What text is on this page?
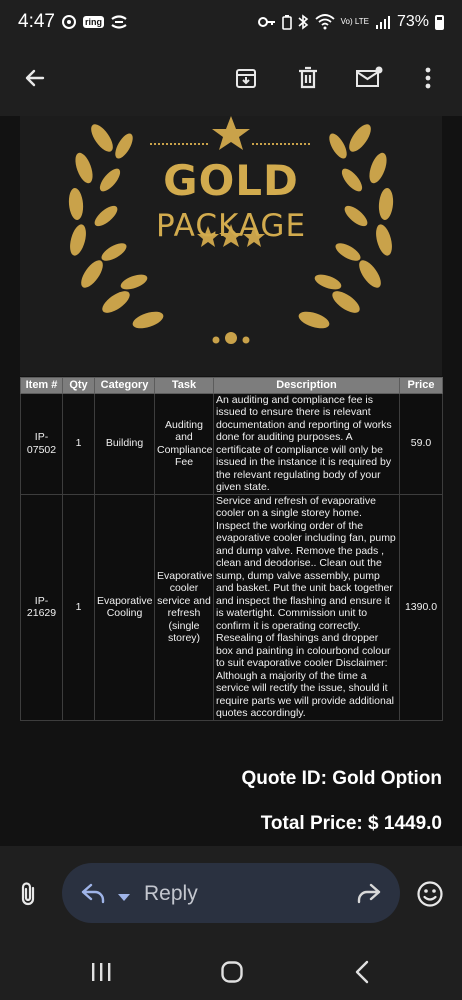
4:47	ring	Vo) LTE 73%
GOLD
PACKAGE
Item #	Qty	Category	Task	Description	Price
IP-07502	1	Building	Auditing and Compliance Fee	An auditing and compliance fee is issued to ensure there is relevant documentation and reporting of works done for auditing purposes. A certificate of compliance will only be issued in the instance it is required by the relevant regulating body of your given state.	59.0
IP-21629	1	Evaporative Cooling	Evaporative cooler service and refresh (single storey)	Service and refresh of evaporative cooler on a single storey home. Inspect the working order of the evaporative cooler including fan, pump and dump valve. Remove the pads , clean and deodorise.. Clean out the sump, dump valve assembly, pump and basket. Put the unit back together and inspect the flashing and ensure it is watertight. Commission unit to confirm it is operating correctly. Resealing of flashings and dropper box and painting in colourbond colour to suit evaporative cooler Disclaimer: Although a majority of the time a service will rectify the issue, should it require parts we will provide additional quotes accordingly.	1390.0
Quote ID: Gold Option
Total Price: $ 1449.0
Reply
